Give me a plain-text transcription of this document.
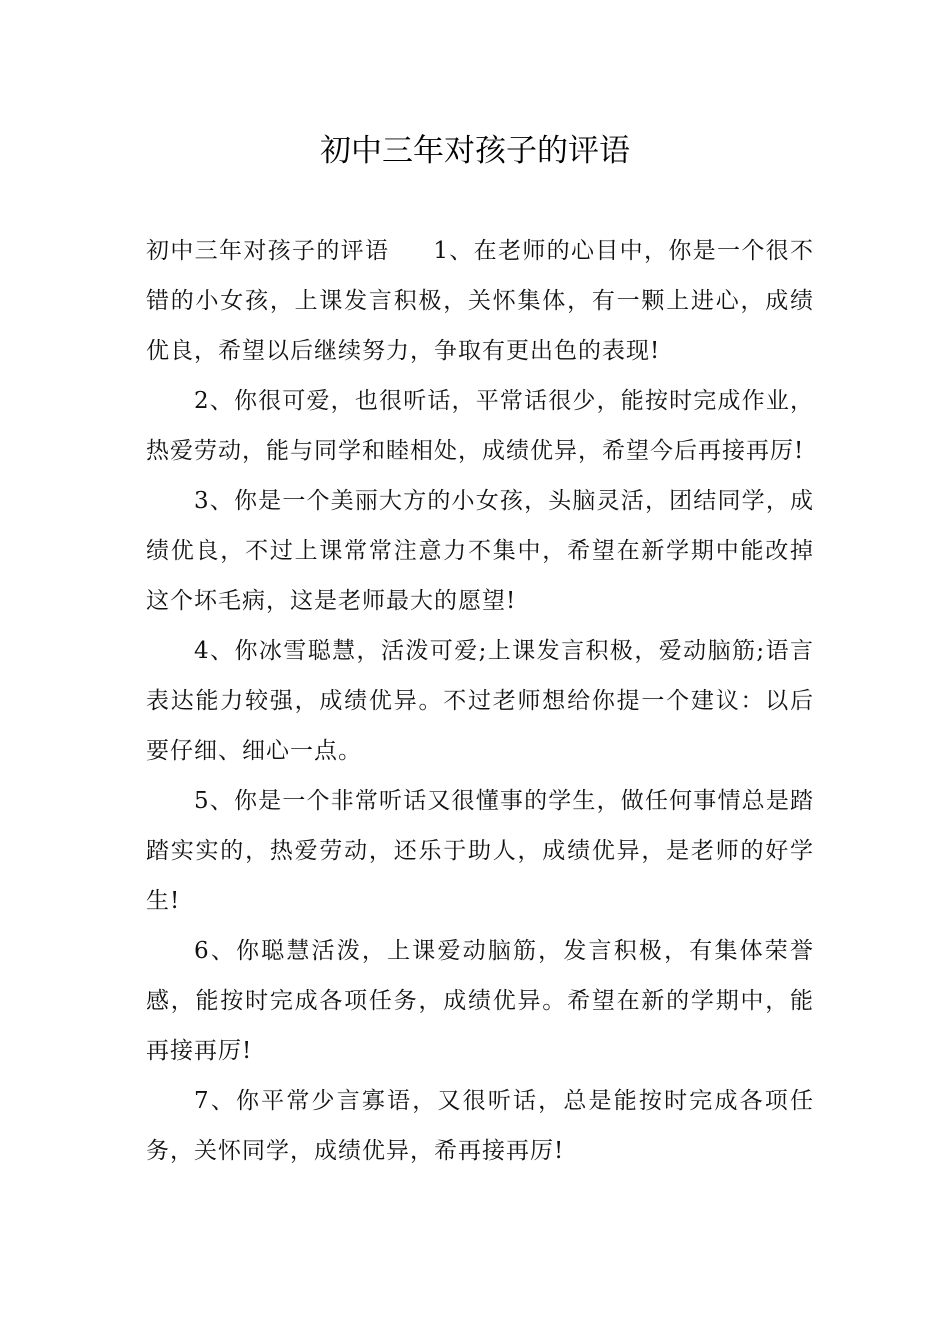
初中三年对孩子的评语

初中三年对孩子的评语 1、在老师的心目中，你是一个很不错的小女孩，上课发言积极，关怀集体，有一颗上进心，成绩优良，希望以后继续努力，争取有更出色的表现!

2、你很可爱，也很听话，平常话很少，能按时完成作业，热爱劳动，能与同学和睦相处，成绩优异，希望今后再接再厉!

3、你是一个美丽大方的小女孩，头脑灵活，团结同学，成绩优良，不过上课常常注意力不集中，希望在新学期中能改掉这个坏毛病，这是老师最大的愿望!

4、你冰雪聪慧，活泼可爱;上课发言积极，爱动脑筋;语言表达能力较强，成绩优异。不过老师想给你提一个建议：以后要仔细、细心一点。

5、你是一个非常听话又很懂事的学生，做任何事情总是踏踏实实的，热爱劳动，还乐于助人，成绩优异，是老师的好学生!

6、你聪慧活泼，上课爱动脑筋，发言积极，有集体荣誉感，能按时完成各项任务，成绩优异。希望在新的学期中，能再接再厉!

7、你平常少言寡语，又很听话，总是能按时完成各项任务，关怀同学，成绩优异，希再接再厉!
